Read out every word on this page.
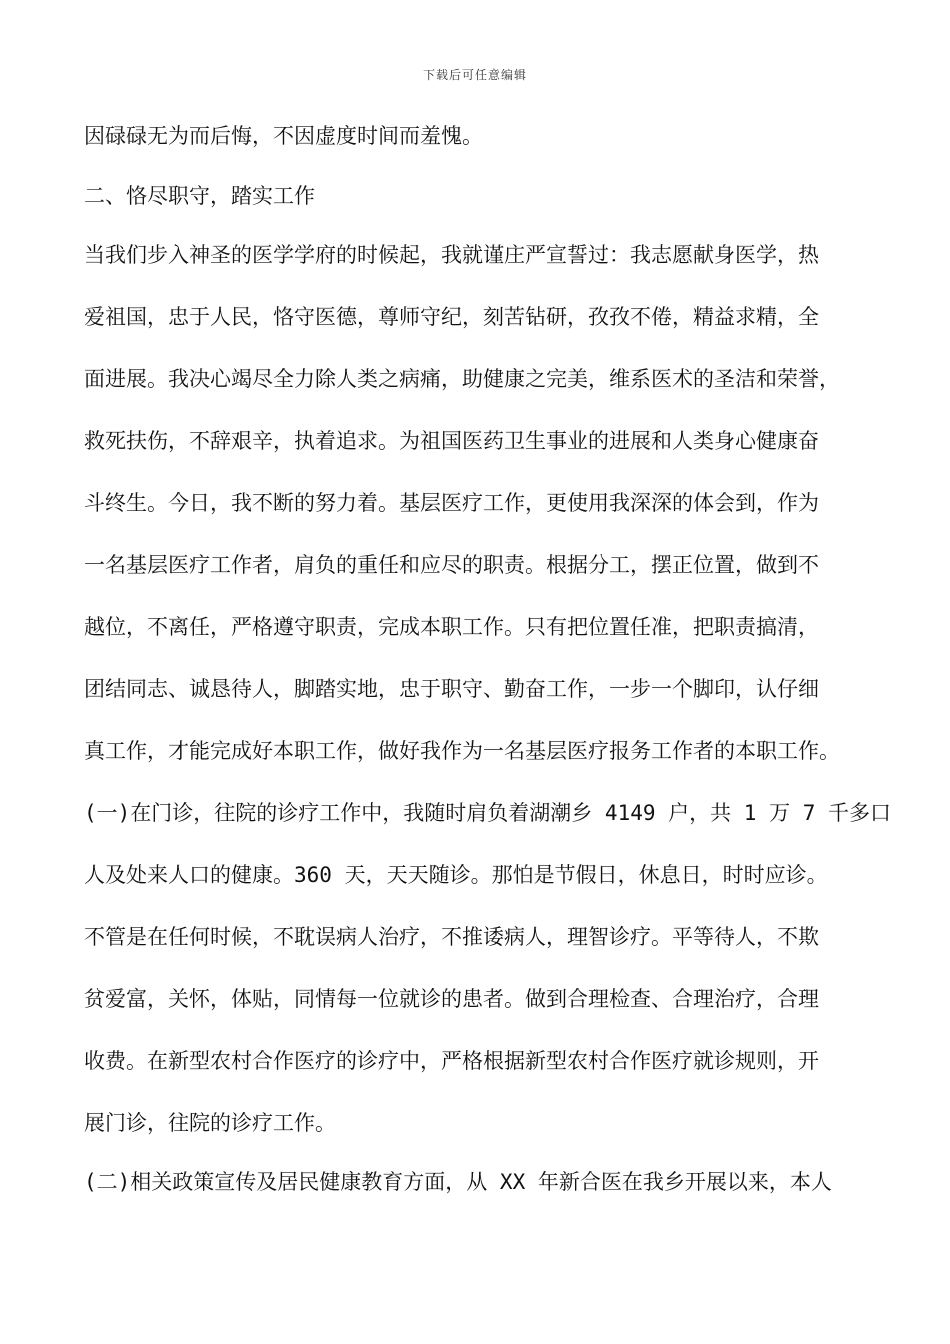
下载后可任意编辑
因碌碌无为而后悔，不因虚度时间而羞愧。
二、恪尽职守，踏实工作
当我们步入神圣的医学学府的时候起，我就谨庄严宣誓过：我志愿献身医学，热
爱祖国，忠于人民，恪守医德，尊师守纪，刻苦钻研，孜孜不倦，精益求精，全
面进展。我决心竭尽全力除人类之病痛，助健康之完美，维系医术的圣洁和荣誉，
救死扶伤，不辞艰辛，执着追求。为祖国医药卫生事业的进展和人类身心健康奋
斗终生。今日，我不断的努力着。基层医疗工作，更使用我深深的体会到，作为
一名基层医疗工作者，肩负的重任和应尽的职责。根据分工，摆正位置，做到不
越位，不离任，严格遵守职责，完成本职工作。只有把位置任准，把职责搞清，
团结同志、诚恳待人，脚踏实地，忠于职守、勤奋工作，一步一个脚印，认仔细
真工作，才能完成好本职工作，做好我作为一名基层医疗报务工作者的本职工作。
(一)在门诊，往院的诊疗工作中，我随时肩负着湖潮乡 4149 户，共 1 万 7 千多口
人及处来人口的健康。360 天，天天随诊。那怕是节假日，休息日，时时应诊。
不管是在任何时候，不耽误病人治疗，不推诿病人，理智诊疗。平等待人，不欺
贫爱富，关怀，体贴，同情每一位就诊的患者。做到合理检查、合理治疗，合理
收费。在新型农村合作医疗的诊疗中，严格根据新型农村合作医疗就诊规则，开
展门诊，往院的诊疗工作。
(二)相关政策宣传及居民健康教育方面，从 XX 年新合医在我乡开展以来，本人
